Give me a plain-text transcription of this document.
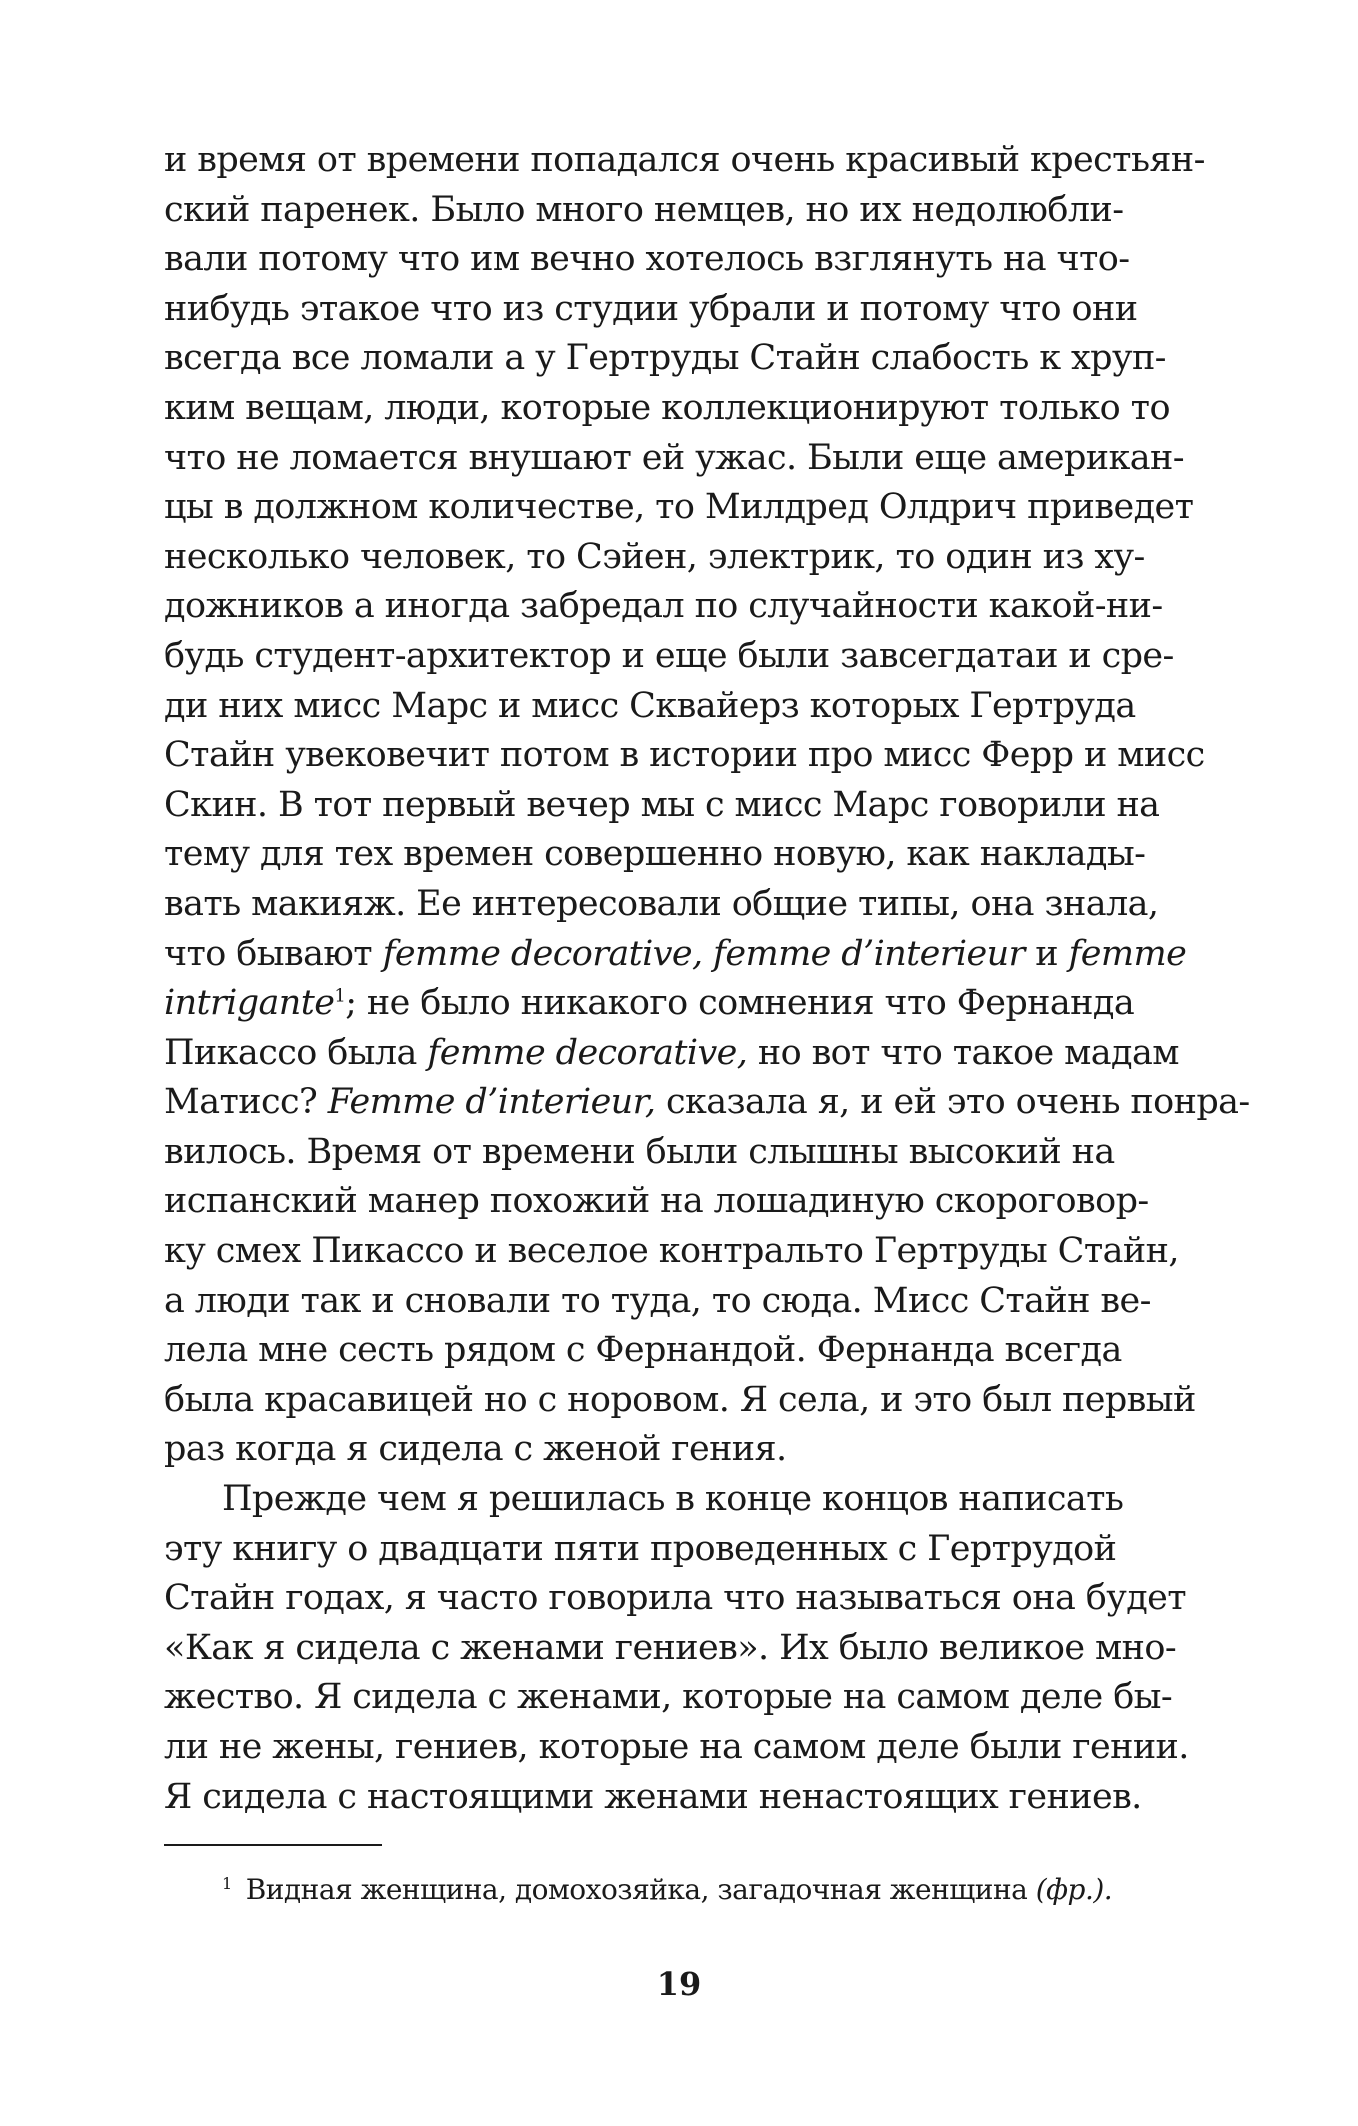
и время от времени попадался очень красивый крестьян-
ский паренек. Было много немцев, но их недолюбли-
вали потому что им вечно хотелось взглянуть на что-
нибудь этакое что из студии убрали и потому что они
всегда все ломали а у Гертруды Стайн слабость к хруп-
ким вещам, люди, которые коллекционируют только то
что не ломается внушают ей ужас. Были еще американ-
цы в должном количестве, то Милдред Олдрич приведет
несколько человек, то Сэйен, электрик, то один из ху-
дожников а иногда забредал по случайности какой-ни-
будь студент-архитектор и еще были завсегдатаи и сре-
ди них мисс Марс и мисс Сквайерз которых Гертруда
Стайн увековечит потом в истории про мисс Ферр и мисс
Скин. В тот первый вечер мы с мисс Марс говорили на
тему для тех времен совершенно новую, как наклады-
вать макияж. Ее интересовали общие типы, она знала,
что бывают femme decorative, femme d’interieur и femme
intrigante$^1$; не было никакого сомнения что Фернанда
Пикассо была femme decorative, но вот что такое мадам
Матисс? Femme d’interieur, сказала я, и ей это очень понра-
вилось. Время от времени были слышны высокий на
испанский манер похожий на лошадиную скороговор-
ку смех Пикассо и веселое контральто Гертруды Стайн,
а люди так и сновали то туда, то сюда. Мисс Стайн ве-
лела мне сесть рядом с Фернандой. Фернанда всегда
была красавицей но с норовом. Я села, и это был первый
раз когда я сидела с женой гения.
Прежде чем я решилась в конце концов написать
эту книгу о двадцати пяти проведенных с Гертрудой
Стайн годах, я часто говорила что называться она будет
«Как я сидела с женами гениев». Их было великое мно-
жество. Я сидела с женами, которые на самом деле бы-
ли не жены, гениев, которые на самом деле были гении.
Я сидела с настоящими женами ненастоящих гениев.
$^1$ Видная женщина, домохозяйка, загадочная женщина (фр.).
19
